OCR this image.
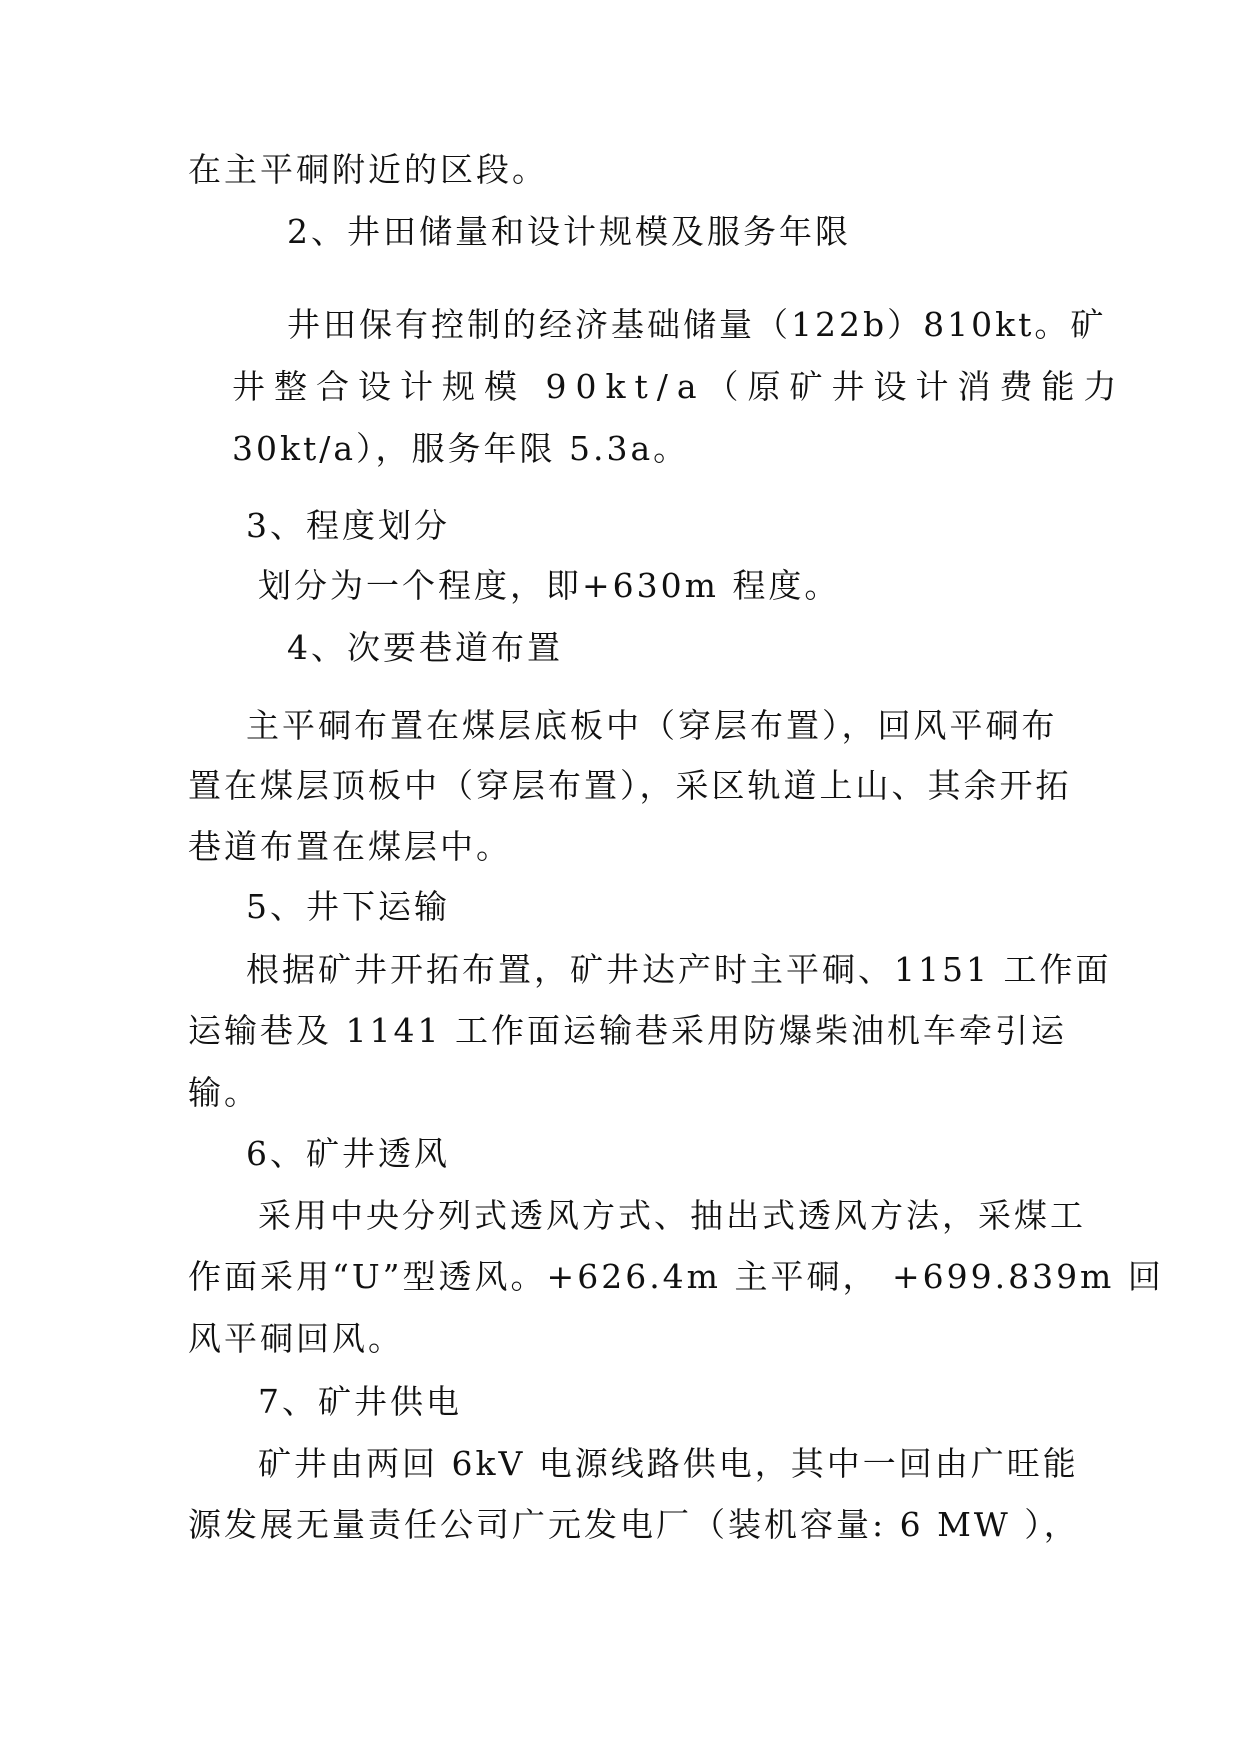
在主平硐附近的区段。
2、井田储量和设计规模及服务年限
井田保有控制的经济基础储量（122b）810kt。矿
井整合设计规模 90kt/a（原矿井设计消费能力
30kt/a），服务年限 5.3a。
3、程度划分
划分为一个程度，即+630m 程度。
4、次要巷道布置
主平硐布置在煤层底板中（穿层布置），回风平硐布
置在煤层顶板中（穿层布置），采区轨道上山、其余开拓
巷道布置在煤层中。
5、井下运输
根据矿井开拓布置，矿井达产时主平硐、1151 工作面
运输巷及 1141 工作面运输巷采用防爆柴油机车牵引运
输。
6、矿井透风
采用中央分列式透风方式、抽出式透风方法，采煤工
作面采用“U”型透风。+626.4m 主平硐， +699.839m 回
风平硐回风。
7、矿井供电
矿井由两回 6kV 电源线路供电，其中一回由广旺能
源发展无量责任公司广元发电厂（装机容量: 6 MW ），
